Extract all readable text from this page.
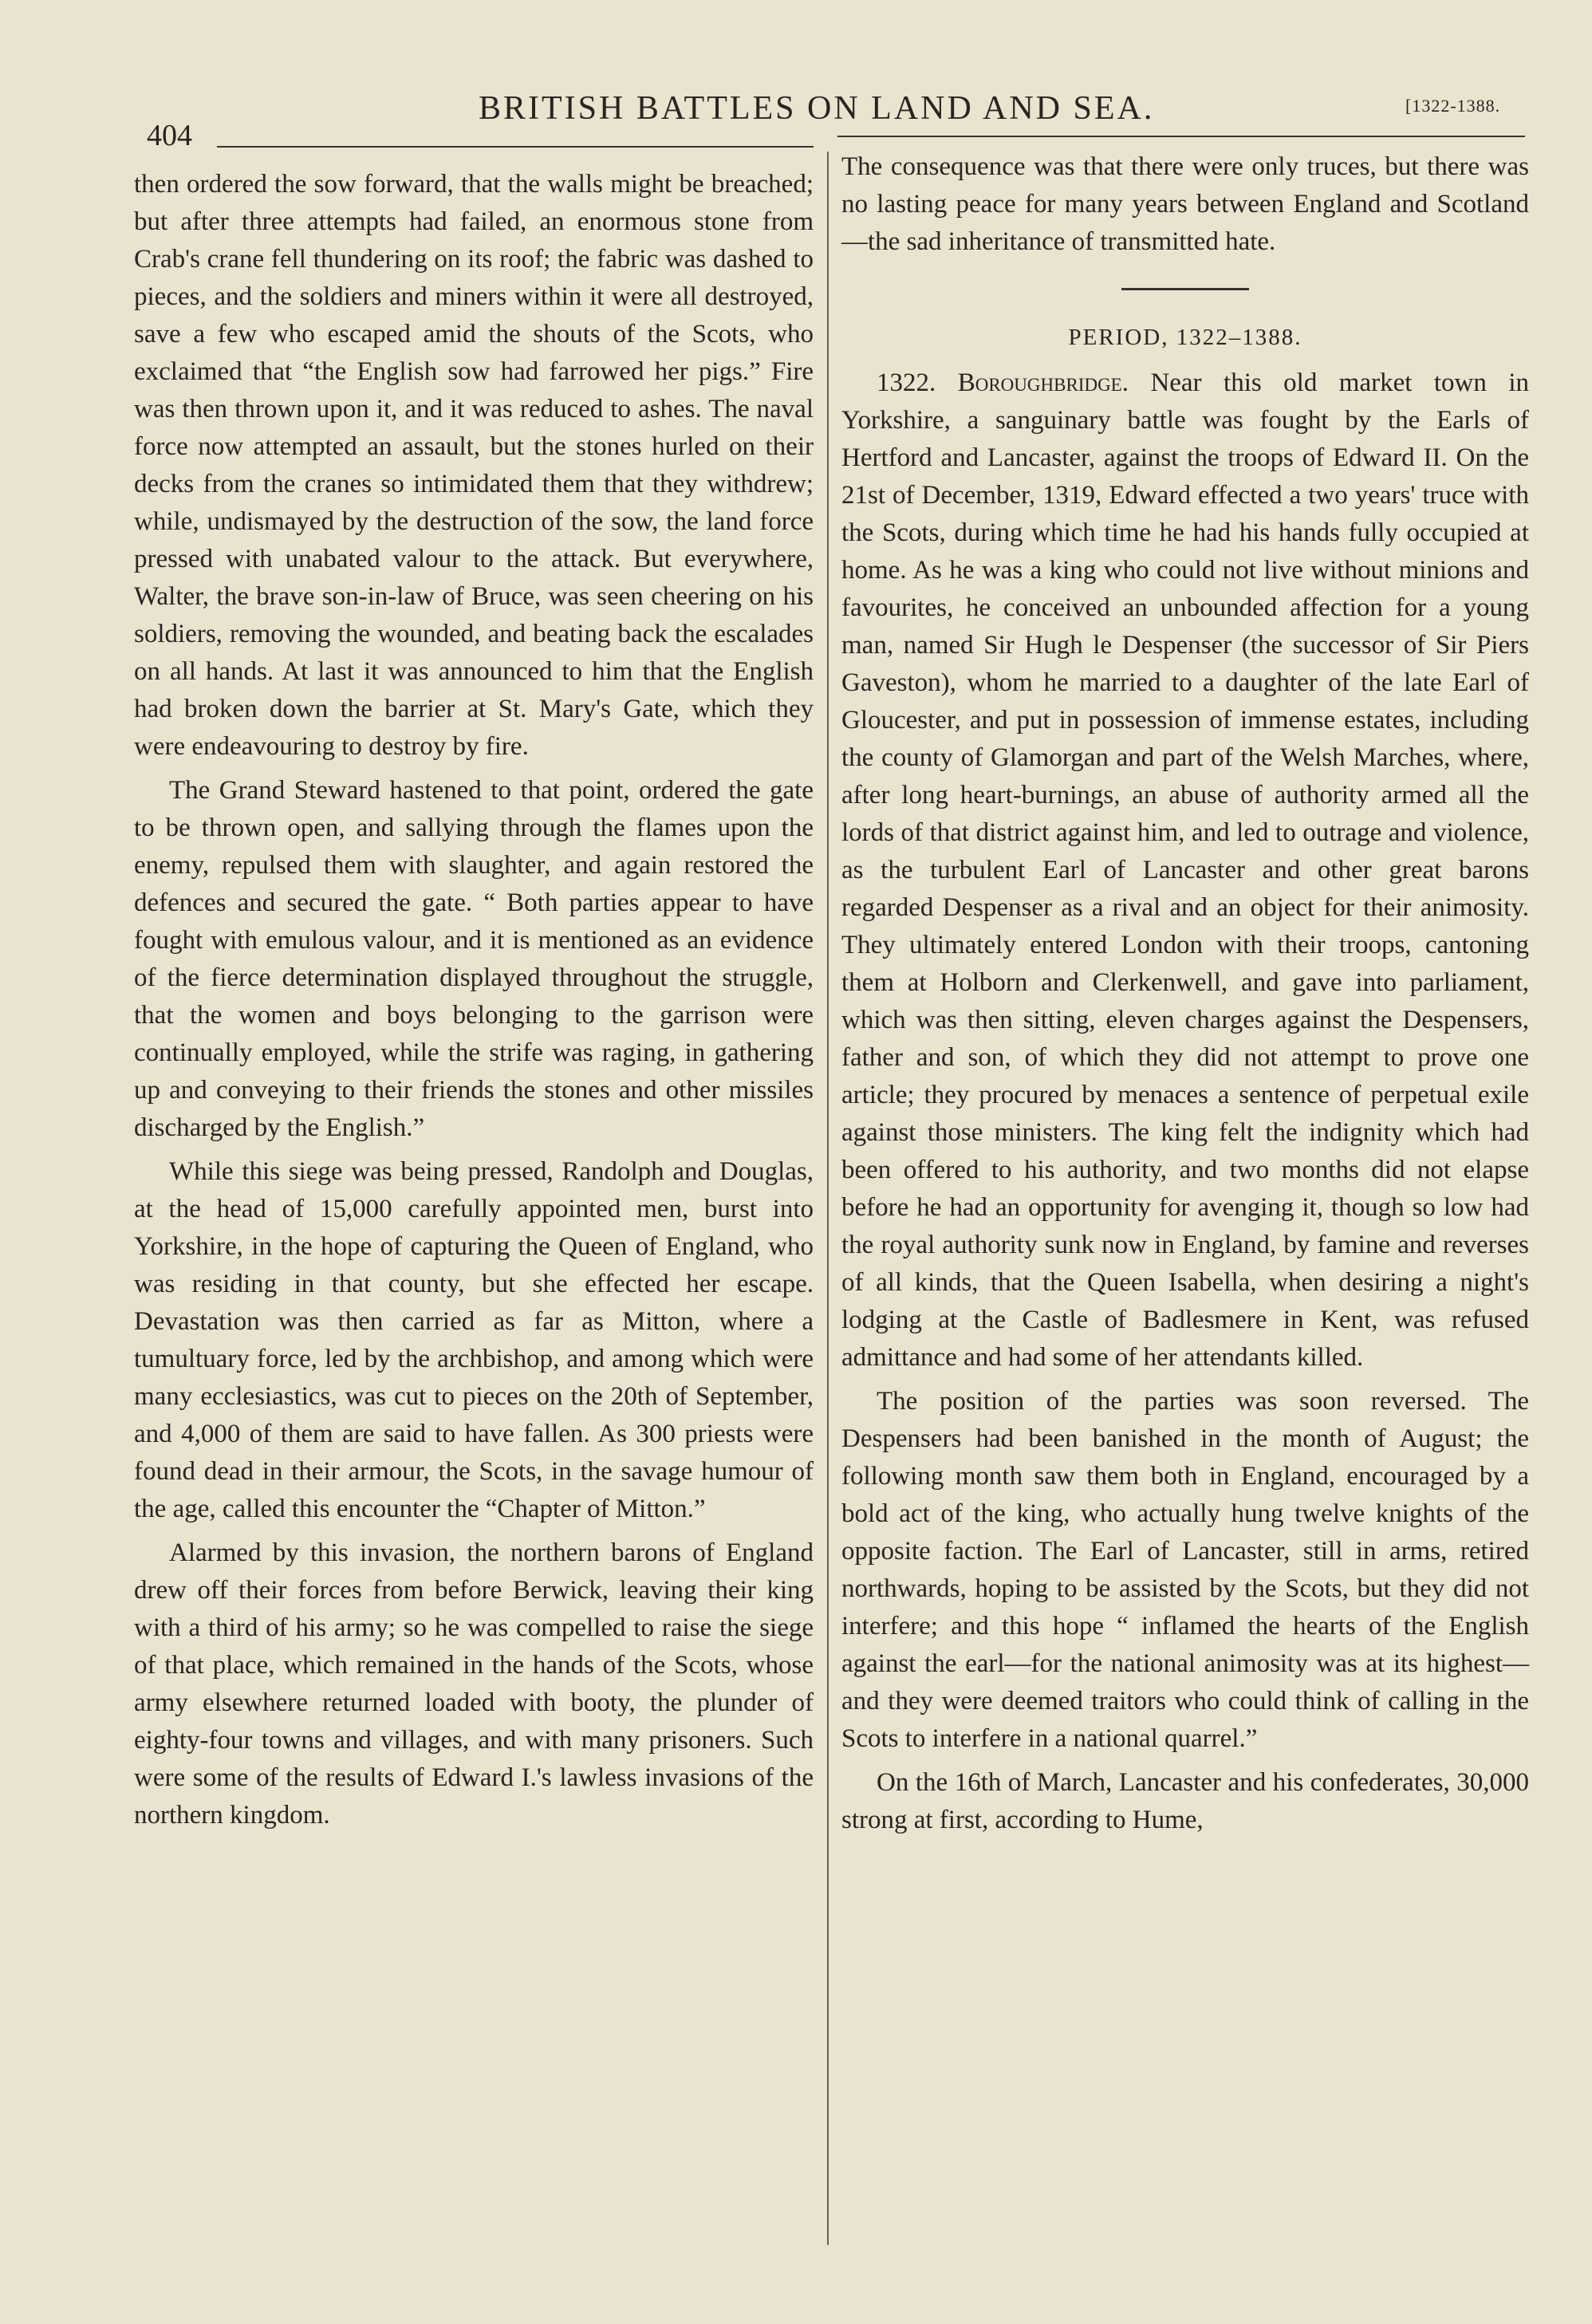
404
BRITISH BATTLES ON LAND AND SEA.	[1322-1388.

then ordered the sow forward, that the walls might be breached; but after three attempts had failed, an enormous stone from Crab's crane fell thundering on its roof; the fabric was dashed to pieces, and the soldiers and miners within it were all destroyed, save a few who escaped amid the shouts of the Scots, who exclaimed that “the English sow had farrowed her pigs.” Fire was then thrown upon it, and it was reduced to ashes. The naval force now attempted an assault, but the stones hurled on their decks from the cranes so intimidated them that they withdrew; while, undismayed by the destruction of the sow, the land force pressed with unabated valour to the attack. But everywhere, Walter, the brave son-in-law of Bruce, was seen cheering on his soldiers, removing the wounded, and beating back the escalades on all hands. At last it was announced to him that the English had broken down the barrier at St. Mary's Gate, which they were endeavouring to destroy by fire.

The Grand Steward hastened to that point, ordered the gate to be thrown open, and sallying through the flames upon the enemy, repulsed them with slaughter, and again restored the defences and secured the gate. “ Both parties appear to have fought with emulous valour, and it is mentioned as an evidence of the fierce determination displayed throughout the struggle, that the women and boys belonging to the garrison were continually employed, while the strife was raging, in gathering up and conveying to their friends the stones and other missiles discharged by the English.”

While this siege was being pressed, Randolph and Douglas, at the head of 15,000 carefully appointed men, burst into Yorkshire, in the hope of capturing the Queen of England, who was residing in that county, but she effected her escape. Devastation was then carried as far as Mitton, where a tumultuary force, led by the archbishop, and among which were many ecclesiastics, was cut to pieces on the 20th of September, and 4,000 of them are said to have fallen. As 300 priests were found dead in their armour, the Scots, in the savage humour of the age, called this encounter the “Chapter of Mitton.”

Alarmed by this invasion, the northern barons of England drew off their forces from before Berwick, leaving their king with a third of his army; so he was compelled to raise the siege of that place, which remained in the hands of the Scots, whose army elsewhere returned loaded with booty, the plunder of eighty-four towns and villages, and with many prisoners. Such were some of the results of Edward I.'s lawless invasions of the northern kingdom.

The consequence was that there were only truces, but there was no lasting peace for many years between England and Scotland—the sad inheritance of transmitted hate.

PERIOD, 1322–1388.

1322. Boroughbridge. Near this old market town in Yorkshire, a sanguinary battle was fought by the Earls of Hertford and Lancaster, against the troops of Edward II. On the 21st of December, 1319, Edward effected a two years' truce with the Scots, during which time he had his hands fully occupied at home. As he was a king who could not live without minions and favourites, he conceived an unbounded affection for a young man, named Sir Hugh le Despenser (the successor of Sir Piers Gaveston), whom he married to a daughter of the late Earl of Gloucester, and put in possession of immense estates, including the county of Glamorgan and part of the Welsh Marches, where, after long heart-burnings, an abuse of authority armed all the lords of that district against him, and led to outrage and violence, as the turbulent Earl of Lancaster and other great barons regarded Despenser as a rival and an object for their animosity. They ultimately entered London with their troops, cantoning them at Holborn and Clerkenwell, and gave into parliament, which was then sitting, eleven charges against the Despensers, father and son, of which they did not attempt to prove one article; they procured by menaces a sentence of perpetual exile against those ministers. The king felt the indignity which had been offered to his authority, and two months did not elapse before he had an opportunity for avenging it, though so low had the royal authority sunk now in England, by famine and reverses of all kinds, that the Queen Isabella, when desiring a night's lodging at the Castle of Badlesmere in Kent, was refused admittance and had some of her attendants killed.

The position of the parties was soon reversed. The Despensers had been banished in the month of August; the following month saw them both in England, encouraged by a bold act of the king, who actually hung twelve knights of the opposite faction. The Earl of Lancaster, still in arms, retired northwards, hoping to be assisted by the Scots, but they did not interfere; and this hope “ inflamed the hearts of the English against the earl—for the national animosity was at its highest—and they were deemed traitors who could think of calling in the Scots to interfere in a national quarrel.”

On the 16th of March, Lancaster and his confederates, 30,000 strong at first, according to Hume,
